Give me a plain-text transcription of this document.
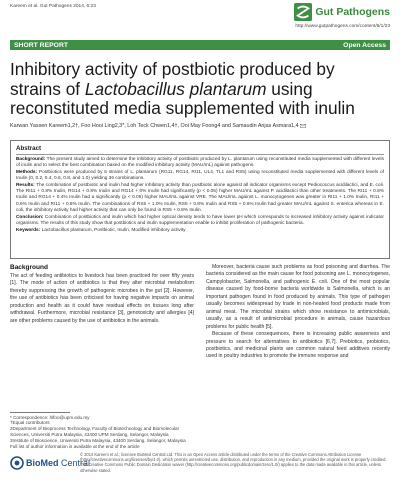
Kareem et al. Gut Pathogens 2014, 6:23	Gut Pathogens
http://www.gutpathogens.com/content/6/1/23
SHORT REPORT	Open Access
Inhibitory activity of postbiotic produced by strains of Lactobacillus plantarum using reconstituted media supplemented with inulin
Karwan Yassen Kareem1,2†, Foo Hooi Ling2,3*, Loh Teck Chwen1,4†, Ooi May Foong4 and Samaudin Anjas Asmara1,4
Abstract

Background: The present study aimed to determine the inhibitory activity of postbiotic produced by L. plantarum using reconstituted media supplemented with different levels of inulin and to select the best combination based on the modified inhibitory activity (MAU/mL) against pathogens.

Methods: Postbiotics were produced by 6 strains of L. plantarum (RG11, RG14, RI11, UL4, TL1 and RS5) using reconstituted media supplemented with different levels of Inulin (0, 0.2, 0.4, 0.6, 0.8, and 1.0) yielding 36 combinations.

Results: The combination of postbiotic and inulin had higher inhibitory activity than postbiotic alone against all indicator organisms except Pediococcus acidilactici, and E. coli. The RI11 + 0.8% Inulin, RG14 + 0.8% Inulin and RG14 + 0% Inulin had significantly (p < 0.05) higher MAU/mL against P. acidilactici than other treatments. The RI11 + 0.8% Inulin and RG14 + 0.4% Inulin had a significantly (p < 0.05) higher MAU/mL against VRE. The MAU/mL against L. monocytogenes was greater in RI11 + 1.0% Inulin, RI11 + 0.6% Inulin and RI11 + 0.8% Inulin. The combinations of RS5 + 1.0% Inulin, RS5 + 0.8% Inulin and RS5 + 0.6% Inulin had greater MAU/mL against S. enterica whereas in E. coli, the inhibitory activity had higher activity that can only be found in RS5 + 0.8% Inulin.

Conclusion: Combination of postbiotics and inulin which had higher optical density tends to have lower pH which corresponds to increased inhibitory activity against indicator organisms. The results of this study show that postbiotics and inulin supplementation enable to inhibit proliferation of pathogenic bacteria.

Keywords: Lactobacillus plantarum, Postbiotic, Inulin, Modified inhibitory activity

Background

The act of feeding antibiotics to livestock has been practiced for over fifty years [1]. The mode of action of antibiotics is that they alter microbial metabolism thereby suppressing the growth of pathogenic microbes in the gut [2]. However, the use of antibiotics has been criticised for having negative impacts on animal production and health as it could have residual effects on tissues long after withdrawal. Furthermore, microbial resistance [3], genotoxicity and allergies [4] are other problems caused by the use of antibiotics in the animals.

Moreover, bacteria cause such problems as food poisoning and diarrhea. The bacteria considered as the main cause for food poisoning are L. monocytogenes, Campylobacter, Salmonella, and pathogenic E. coli. One of the most popular disease caused by food-borne bacteria worldwide is Salmonella, which is an important pathogen found in food produced by animals. This type of pathogen usually becomes widespread by trade in non-heated food products made from animal meat. The microbial strains which show resistance to antimicrobials, usually, as a result of antimicrobial procedure in animals, cause hazardous problems for public health [5].

Because of these consequences, there is increasing public awareness and pressure to search for alternatives to antibiotics [6,7]. Prebiotics, probiotics, postbiotics, and medicinal plants are common natural feed additives recently used in poultry industries to promote the immune response and

* Correspondence: hlfoo@upm.edu.my

†Equal contributors

2Department of Bioprocess Technology, Faculty of Biotechnology and Biomolecular Sciences, Universiti Putra Malaysia, 43400 UPM Serdang, Selangor, Malaysia

3Institute of Bioscience, Universiti Putra Malaysia, 43400 Serdang, Selangor, Malaysia

Full list of author information is available at the end of the article

BioMed Central
© 2014 Kareem et al.; licensee BioMed Central Ltd. This is an Open Access article distributed under the terms of the Creative Commons Attribution License (http://creativecommons.org/licenses/by/4.0), which permits unrestricted use, distribution, and reproduction in any medium, provided the original work is properly credited. The Creative Commons Public Domain Dedication waiver (http://creativecommons.org/publicdomain/zero/1.0/) applies to the data made available in this article, unless otherwise stated.
